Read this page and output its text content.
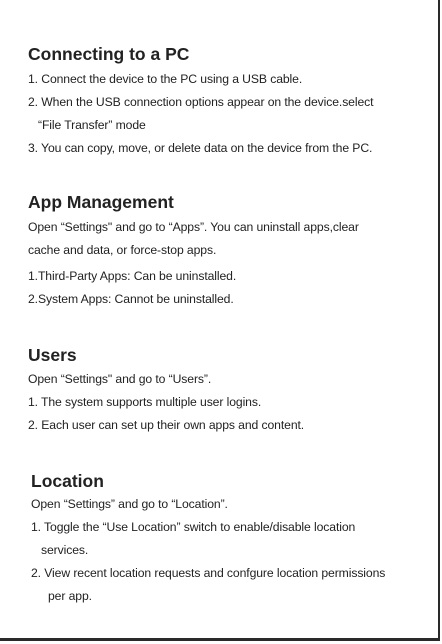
Connecting to a PC
1. Connect the device to the PC using a USB cable.
2. When the USB connection options appear on the device.select
“File Transfer” mode
3. You can copy, move, or delete data on the device from the PC.
App Management
Open “Settings" and go to “Apps”. You can uninstall apps,clear
cache and data, or force-stop apps.
1.Third-Party Apps: Can be uninstalled.
2.System Apps: Cannot be uninstalled.
Users
Open “Settings" and go to “Users”.
1. The system supports multiple user logins.
2. Each user can set up their own apps and content.
Location
Open “Settings” and go to “Location”.
1. Toggle the “Use Location” switch to enable/disable location
services.
2. View recent location requests and confgure location permissions
per app.
